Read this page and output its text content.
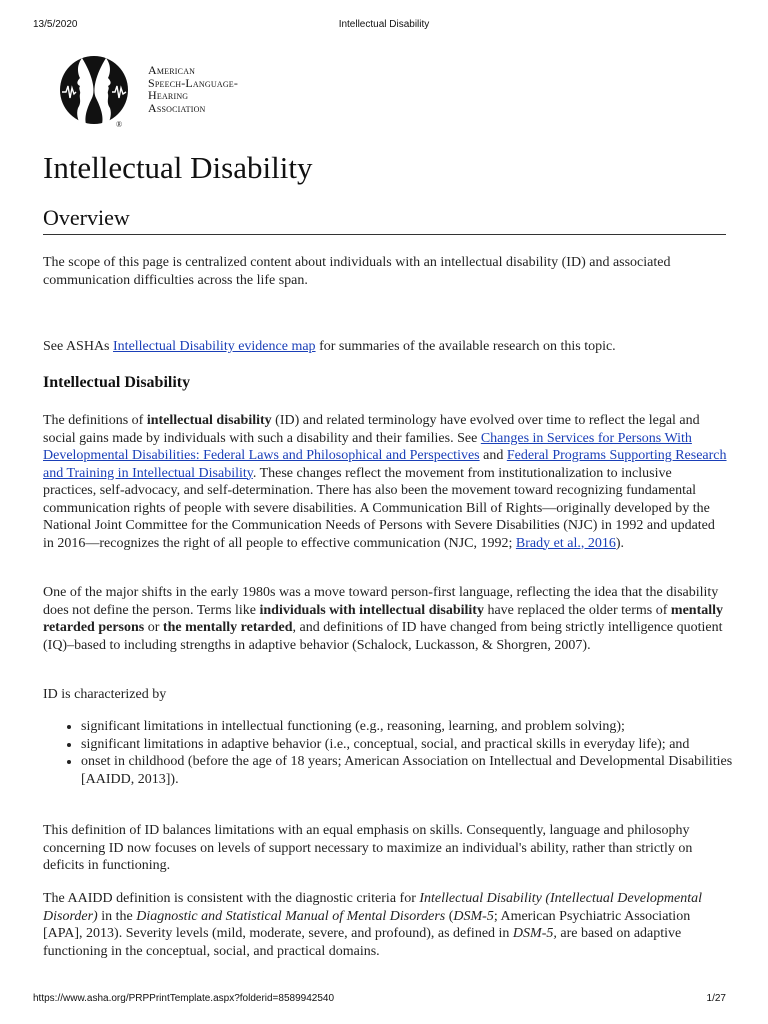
13/5/2020	Intellectual Disability
American
Speech-Language-
Hearing
Association
®
Intellectual Disability
Overview

The scope of this page is centralized content about individuals with an intellectual disability (ID) and associated communication difficulties across the life span.

See ASHAs Intellectual Disability evidence map for summaries of the available research on this topic.

Intellectual Disability

The definitions of intellectual disability (ID) and related terminology have evolved over time to reflect the legal and social gains made by individuals with such a disability and their families. See Changes in Services for Persons With Developmental Disabilities: Federal Laws and Philosophical and Perspectives and Federal Programs Supporting Research and Training in Intellectual Disability. These changes reflect the movement from institutionalization to inclusive practices, self-advocacy, and self-determination. There has also been the movement toward recognizing fundamental communication rights of people with severe disabilities. A Communication Bill of Rights—originally developed by the National Joint Committee for the Communication Needs of Persons with Severe Disabilities (NJC) in 1992 and updated in 2016—recognizes the right of all people to effective communication (NJC, 1992; Brady et al., 2016).

One of the major shifts in the early 1980s was a move toward person-first language, reflecting the idea that the disability does not define the person. Terms like individuals with intellectual disability have replaced the older terms of mentally retarded persons or the mentally retarded, and definitions of ID have changed from being strictly intelligence quotient (IQ)–based to including strengths in adaptive behavior (Schalock, Luckasson, & Shorgren, 2007).

ID is characterized by

• significant limitations in intellectual functioning (e.g., reasoning, learning, and problem solving);
• significant limitations in adaptive behavior (i.e., conceptual, social, and practical skills in everyday life); and
• onset in childhood (before the age of 18 years; American Association on Intellectual and Developmental Disabilities [AAIDD, 2013]).

This definition of ID balances limitations with an equal emphasis on skills. Consequently, language and philosophy concerning ID now focuses on levels of support necessary to maximize an individual's ability, rather than strictly on deficits in functioning.

The AAIDD definition is consistent with the diagnostic criteria for Intellectual Disability (Intellectual Developmental Disorder) in the Diagnostic and Statistical Manual of Mental Disorders (DSM-5; American Psychiatric Association [APA], 2013). Severity levels (mild, moderate, severe, and profound), as defined in DSM-5, are based on adaptive functioning in the conceptual, social, and practical domains.

https://www.asha.org/PRPPrintTemplate.aspx?folderid=8589942540	1/27
